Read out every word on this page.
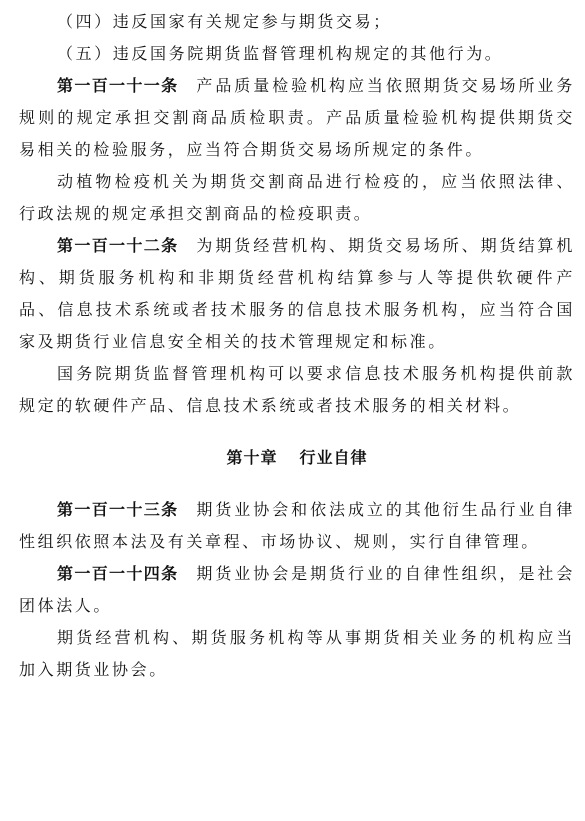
（四）违反国家有关规定参与期货交易；

（五）违反国务院期货监督管理机构规定的其他行为。

第一百一十一条 产品质量检验机构应当依照期货交易场所业务规则的规定承担交割商品质检职责。产品质量检验机构提供期货交易相关的检验服务，应当符合期货交易场所规定的条件。

动植物检疫机关为期货交割商品进行检疫的，应当依照法律、行政法规的规定承担交割商品的检疫职责。

第一百一十二条 为期货经营机构、期货交易场所、期货结算机构、期货服务机构和非期货经营机构结算参与人等提供软硬件产品、信息技术系统或者技术服务的信息技术服务机构，应当符合国家及期货行业信息安全相关的技术管理规定和标准。

国务院期货监督管理机构可以要求信息技术服务机构提供前款规定的软硬件产品、信息技术系统或者技术服务的相关材料。

第十章 行业自律

第一百一十三条 期货业协会和依法成立的其他衍生品行业自律性组织依照本法及有关章程、市场协议、规则，实行自律管理。

第一百一十四条 期货业协会是期货行业的自律性组织，是社会团体法人。

期货经营机构、期货服务机构等从事期货相关业务的机构应当加入期货业协会。
